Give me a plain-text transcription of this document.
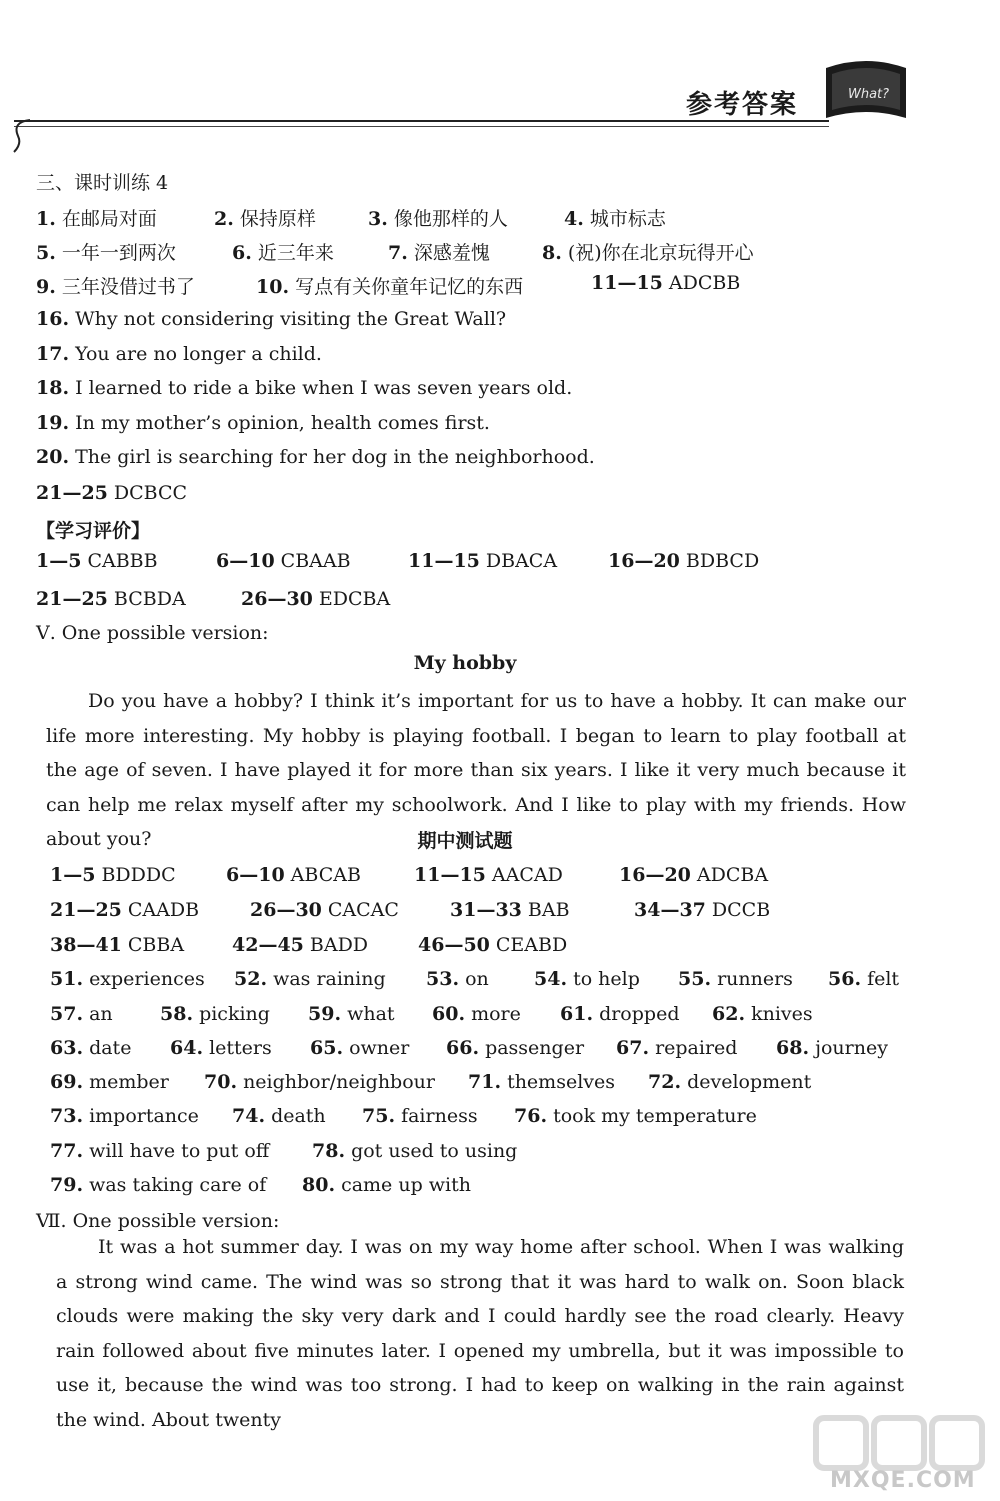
参考答案	What?
三、课时训练 4
1. 在邮局对面	2. 保持原样	3. 像他那样的人	4. 城市标志
5. 一年一到两次	6. 近三年来	7. 深感羞愧	8. (祝)你在北京玩得开心
9. 三年没借过书了	10. 写点有关你童年记忆的东西	11—15 ADCBB
16. Why not considering visiting the Great Wall?
17. You are no longer a child.
18. I learned to ride a bike when I was seven years old.
19. In my mother’s opinion, health comes first.
20. The girl is searching for her dog in the neighborhood.
21—25 DCBCC
【学习评价】
1—5 CABBB	6—10 CBAAB	11—15 DBACA	16—20 BDBCD
21—25 BCBDA	26—30 EDCBA
Ⅴ. One possible version:
My hobby
Do you have a hobby? I think it’s important for us to have a hobby. It can make our life more interesting. My hobby is playing football. I began to learn to play football at the age of seven. I have played it for more than six years. I like it very much because it can help me relax myself after my schoolwork. And I like to play with my friends. How about you?	期中测试题
1—5 BDDDC	6—10 ABCAB	11—15 AACAD	16—20 ADCBA
21—25 CAADB	26—30 CACAC	31—33 BAB	34—37 DCCB
38—41 CBBA	42—45 BADD	46—50 CEABD
51. experiences 52. was raining 53. on 54. to help 55. runners 56. felt
57. an 58. picking 59. what 60. more 61. dropped 62. knives
63. date 64. letters 65. owner 66. passenger 67. repaired 68. journey
69. member 70. neighbor/neighbour 71. themselves 72. development
73. importance 74. death 75. fairness 76. took my temperature
77. will have to put off 78. got used to using
79. was taking care of 80. came up with
Ⅶ. One possible version:
It was a hot summer day. I was on my way home after school. When I was walking a strong wind came. The wind was so strong that it was hard to walk on. Soon black clouds were making the sky very dark and I could hardly see the road clearly. Heavy rain followed about five minutes later. I opened my umbrella, but it was impossible to use it, because the wind was too strong. I had to keep on walking in the rain against the wind. About twenty
MXQE.COM
